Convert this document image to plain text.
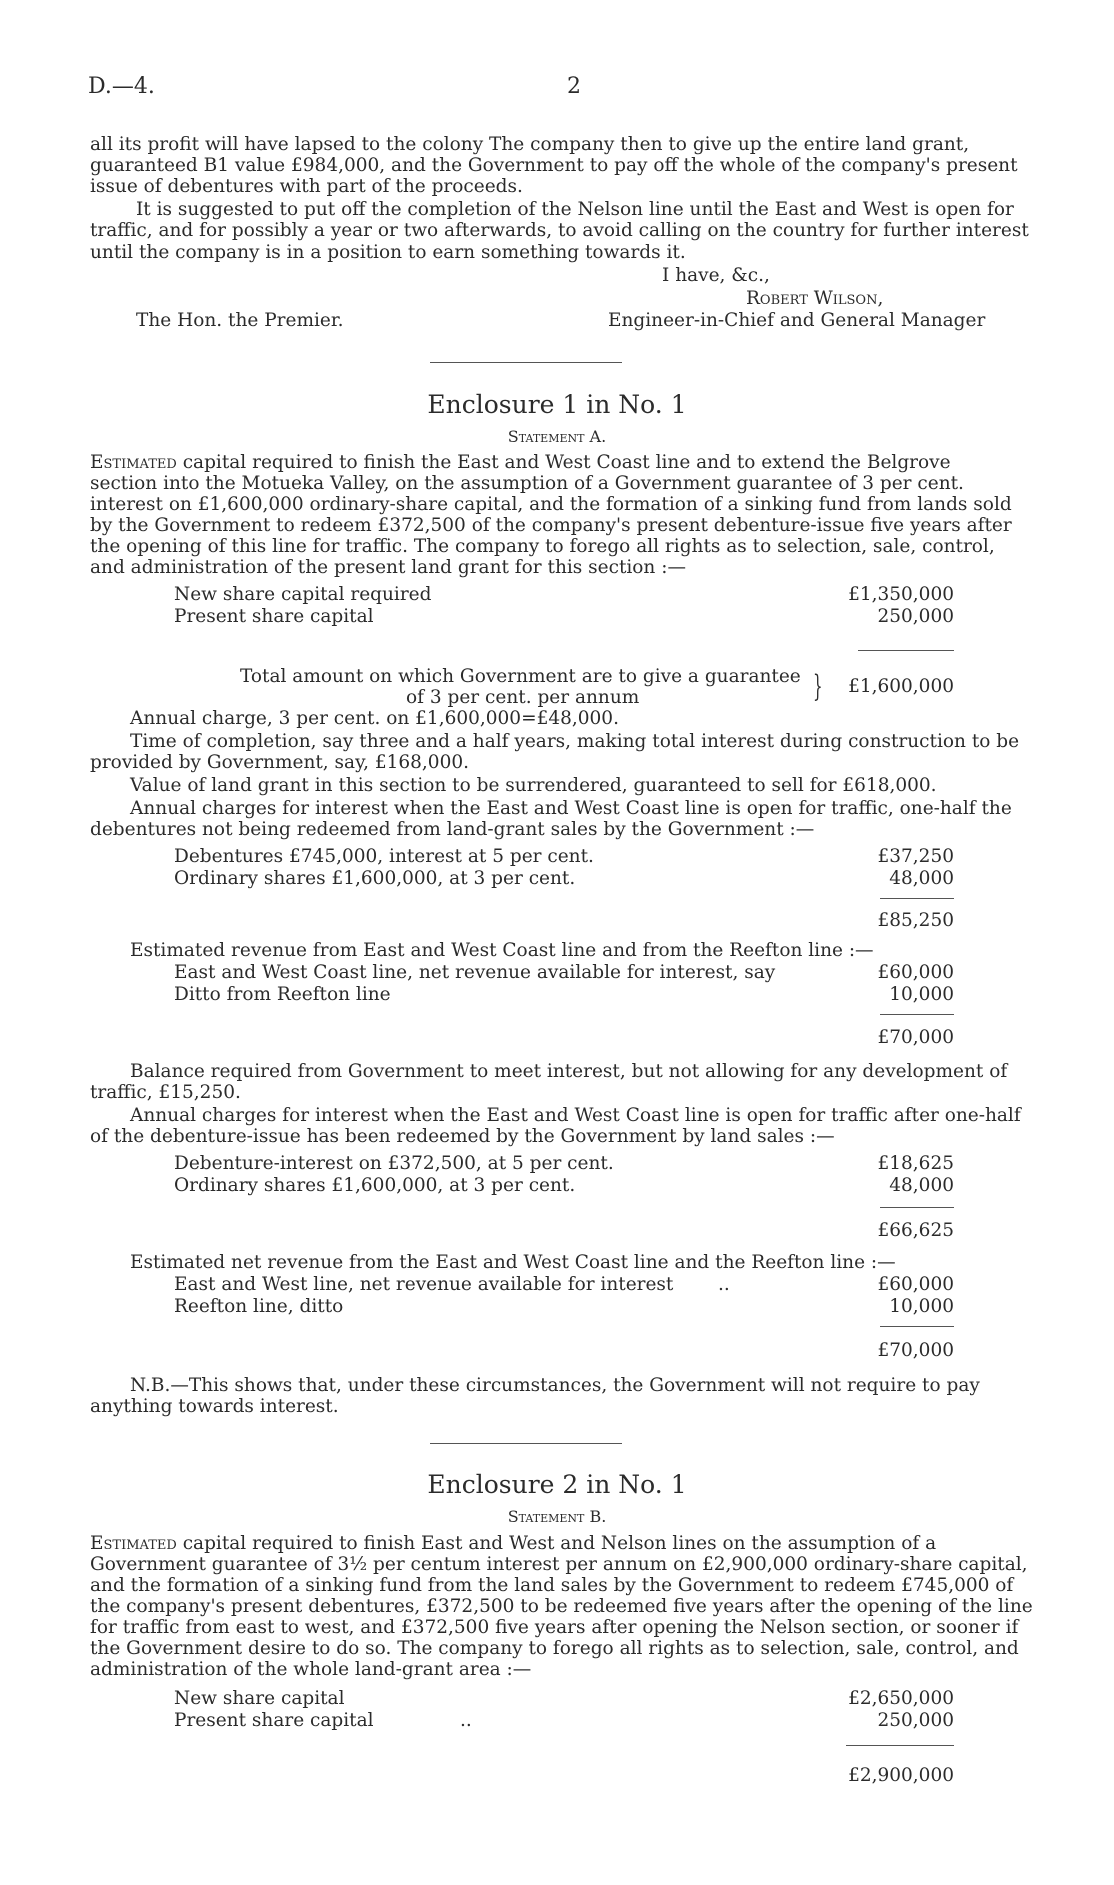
D.—4.	2
all its profit will have lapsed to the colony The company then to give up the entire land grant,
guaranteed B1 value £984,000, and the Government to pay off the whole of the company's present
issue of debentures with part of the proceeds.
It is suggested to put off the completion of the Nelson line until the East and West is open for
traffic, and for possibly a year or two afterwards, to avoid calling on the country for further interest
until the company is in a position to earn something towards it.
I have, &c.,
Robert Wilson,
The Hon. the Premier.	Engineer-in-Chief and General Manager
Enclosure 1 in No. 1
Statement A.
Estimated capital required to finish the East and West Coast line and to extend the Belgrove
section into the Motueka Valley, on the assumption of a Government guarantee of 3 per cent.
interest on £1,600,000 ordinary-share capital, and the formation of a sinking fund from lands sold
by the Government to redeem £372,500 of the company's present debenture-issue five years after
the opening of this line for traffic. The company to forego all rights as to selection, sale, control,
and administration of the present land grant for this section :—
New share capital required	£1,350,000
Present share capital	250,000
Total amount on which Government are to give a guarantee
of 3 per cent. per annum	}	£1,600,000
Annual charge, 3 per cent. on £1,600,000=£48,000.
Time of completion, say three and a half years, making total interest during construction to be
provided by Government, say, £168,000.
Value of land grant in this section to be surrendered, guaranteed to sell for £618,000.
Annual charges for interest when the East and West Coast line is open for traffic, one-half the
debentures not being redeemed from land-grant sales by the Government :—
Debentures £745,000, interest at 5 per cent.	£37,250
Ordinary shares £1,600,000, at 3 per cent.	48,000
£85,250
Estimated revenue from East and West Coast line and from the Reefton line :—
East and West Coast line, net revenue available for interest, say	£60,000
Ditto from Reefton line	10,000
£70,000
Balance required from Government to meet interest, but not allowing for any development of
traffic, £15,250.
Annual charges for interest when the East and West Coast line is open for traffic after one-half
of the debenture-issue has been redeemed by the Government by land sales :—
Debenture-interest on £372,500, at 5 per cent.	£18,625
Ordinary shares £1,600,000, at 3 per cent.	48,000
£66,625
Estimated net revenue from the East and West Coast line and the Reefton line :—
East and West line, net revenue available for interest ..	£60,000
Reefton line, ditto	10,000
£70,000
N.B.—This shows that, under these circumstances, the Government will not require to pay
anything towards interest.
Enclosure 2 in No. 1
Statement B.
Estimated capital required to finish East and West and Nelson lines on the assumption of a
Government guarantee of 3½ per centum interest per annum on £2,900,000 ordinary-share capital,
and the formation of a sinking fund from the land sales by the Government to redeem £745,000 of
the company's present debentures, £372,500 to be redeemed five years after the opening of the line
for traffic from east to west, and £372,500 five years after opening the Nelson section, or sooner if
the Government desire to do so. The company to forego all rights as to selection, sale, control, and
administration of the whole land-grant area :—
New share capital	£2,650,000
Present share capital	..	250,000
£2,900,000
